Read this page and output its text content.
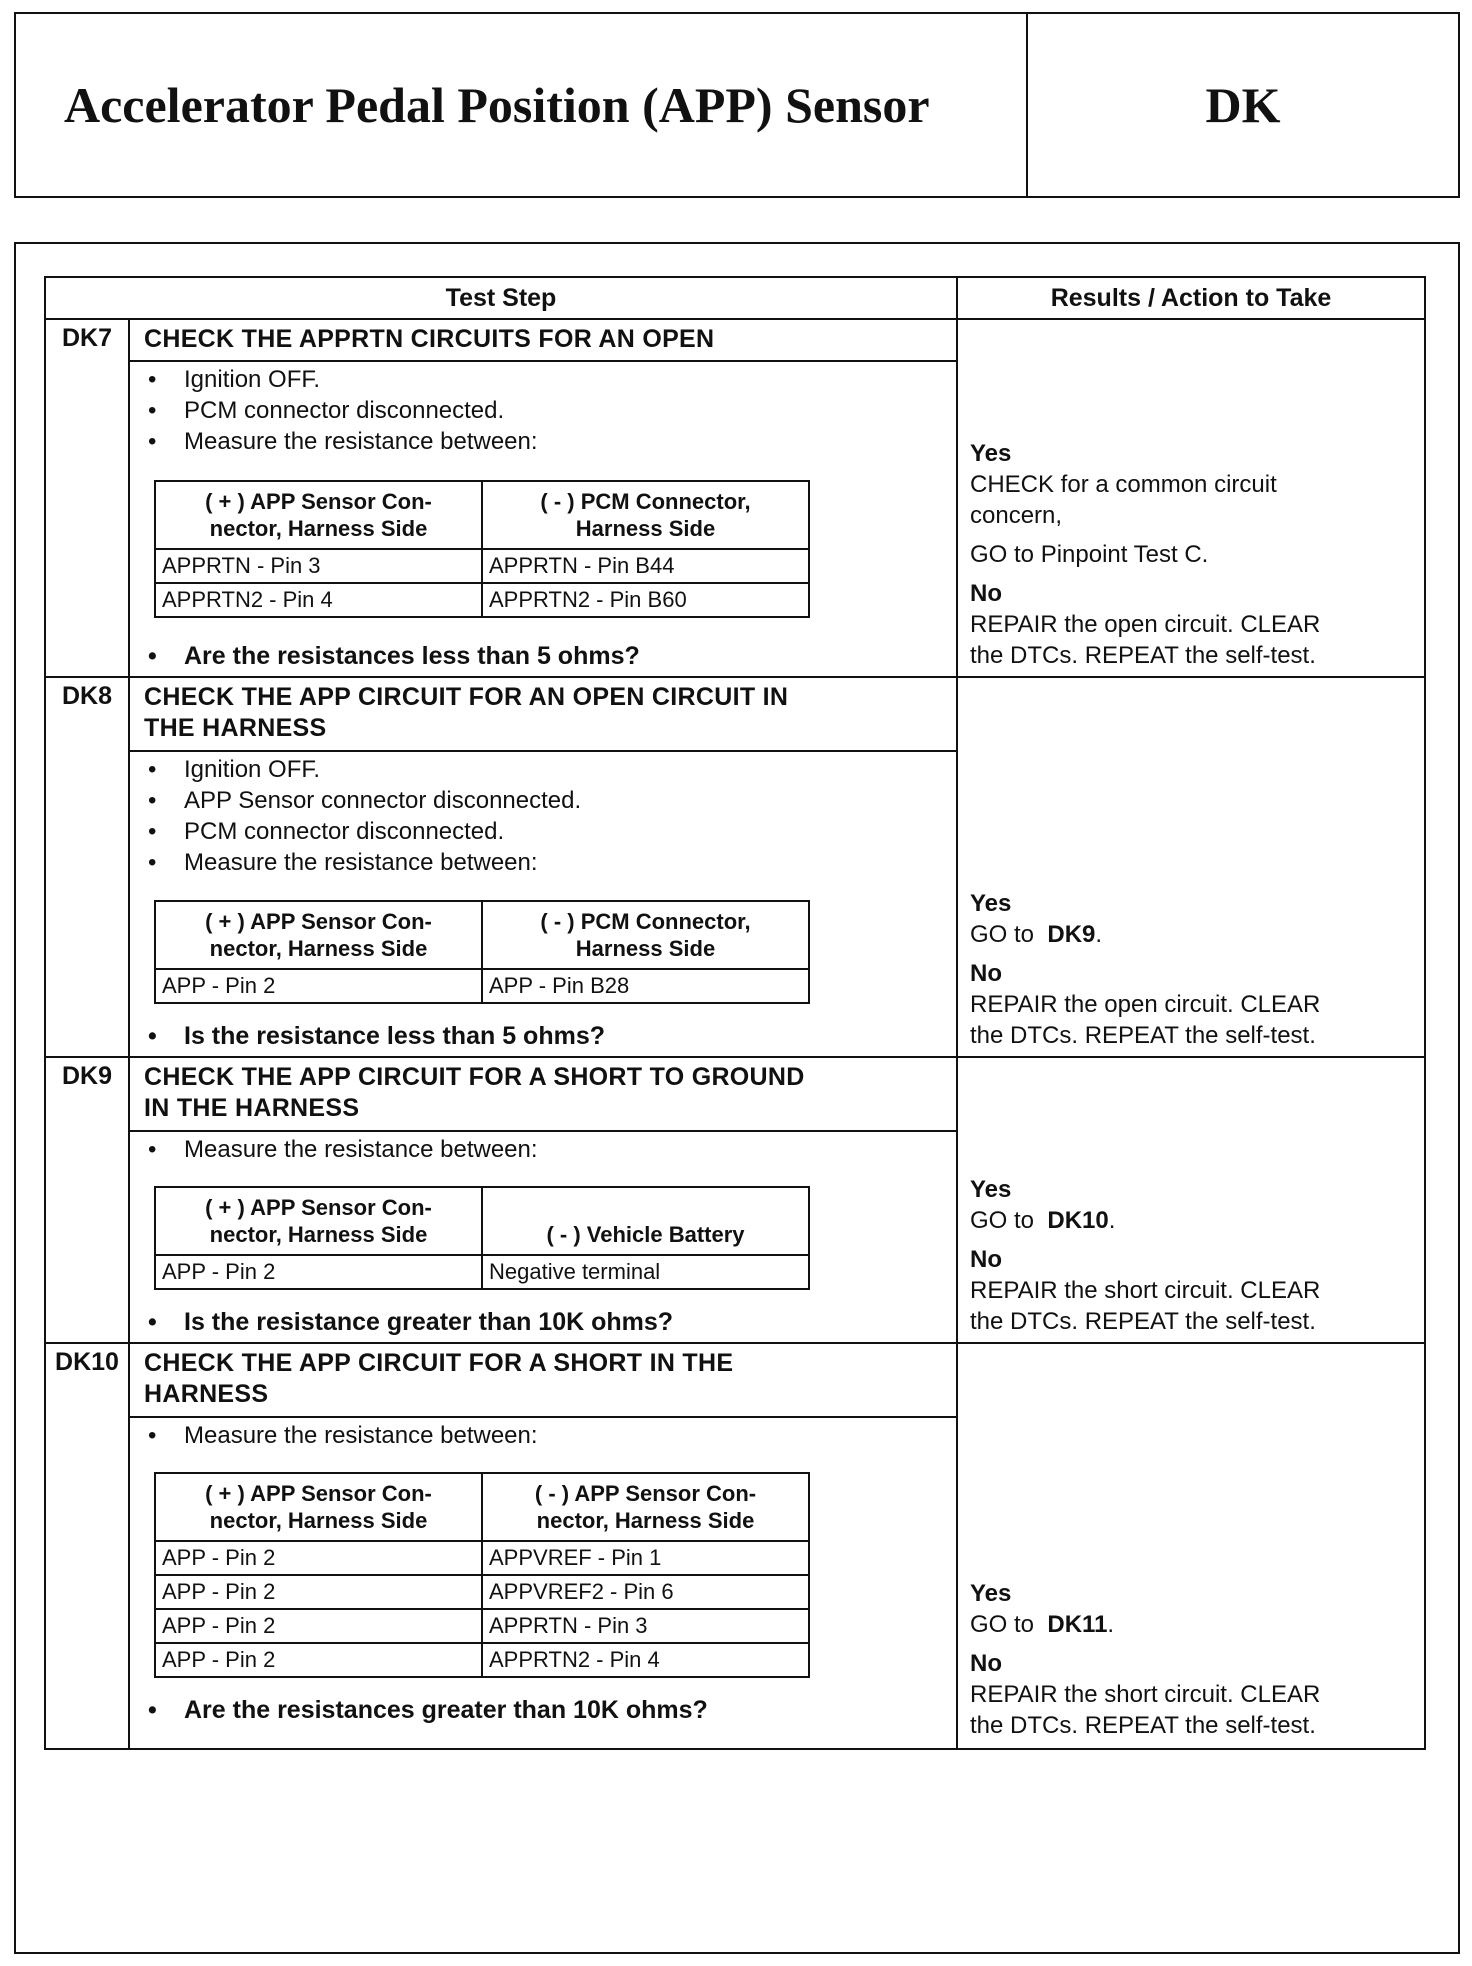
Accelerator Pedal Position (APP) Sensor	DK
Test Step	Results / Action to Take
DK7	CHECK THE APPRTN CIRCUITS FOR AN OPEN
• Ignition OFF.
• PCM connector disconnected.
• Measure the resistance between:
( + ) APP Sensor Con-
nector, Harness Side	( - ) PCM Connector,
Harness Side
APPRTN - Pin 3	APPRTN - Pin B44
APPRTN2 - Pin 4	APPRTN2 - Pin B60
• Are the resistances less than 5 ohms?

Yes

CHECK for a common circuit

concern,

GO to Pinpoint Test C.

No

REPAIR the open circuit. CLEAR

the DTCs. REPEAT the self-test.

DK8	CHECK THE APP CIRCUIT FOR AN OPEN CIRCUIT IN
THE HARNESS
• Ignition OFF.
• APP Sensor connector disconnected.
• PCM connector disconnected.
• Measure the resistance between:
( + ) APP Sensor Con-
nector, Harness Side	( - ) PCM Connector,
Harness Side
APP - Pin 2	APP - Pin B28
• Is the resistance less than 5 ohms?

Yes

GO to DK9.

No

REPAIR the open circuit. CLEAR

the DTCs. REPEAT the self-test.

DK9	CHECK THE APP CIRCUIT FOR A SHORT TO GROUND
IN THE HARNESS
• Measure the resistance between:
( + ) APP Sensor Con-
nector, Harness Side	( - ) Vehicle Battery
APP - Pin 2	Negative terminal
• Is the resistance greater than 10K ohms?

Yes

GO to DK10.

No

REPAIR the short circuit. CLEAR

the DTCs. REPEAT the self-test.

DK10 CHECK THE APP CIRCUIT FOR A SHORT IN THE
HARNESS
• Measure the resistance between:
( + ) APP Sensor Con-
nector, Harness Side	( - ) APP Sensor Con-
nector, Harness Side
APP - Pin 2	APPVREF - Pin 1
APP - Pin 2	APPVREF2 - Pin 6
APP - Pin 2	APPRTN - Pin 3
APP - Pin 2	APPRTN2 - Pin 4
• Are the resistances greater than 10K ohms?

Yes

GO to DK11.

No

REPAIR the short circuit. CLEAR

the DTCs. REPEAT the self-test.
